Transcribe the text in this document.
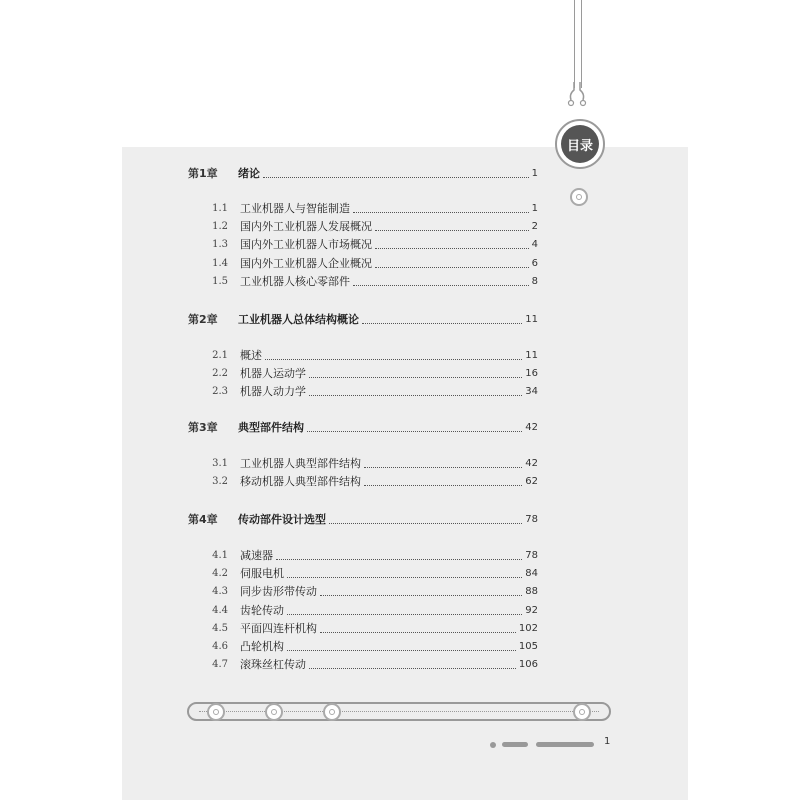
目录
第1章	绪论	1
1.1 工业机器人与智能制造	1
1.2 国内外工业机器人发展概况	2
1.3 国内外工业机器人市场概况	4
1.4 国内外工业机器人企业概况	6
1.5 工业机器人核心零部件	8
第2章	工业机器人总体结构概论	11
2.1 概述	11
2.2 机器人运动学	16
2.3 机器人动力学	34
第3章	典型部件结构	42
3.1 工业机器人典型部件结构	42
3.2 移动机器人典型部件结构	62
第4章	传动部件设计选型	78
4.1 减速器	78
4.2 伺服电机	84
4.3 同步齿形带传动	88
4.4 齿轮传动	92
4.5 平面四连杆机构	102
4.6 凸轮机构	105
4.7 滚珠丝杠传动	106
1
